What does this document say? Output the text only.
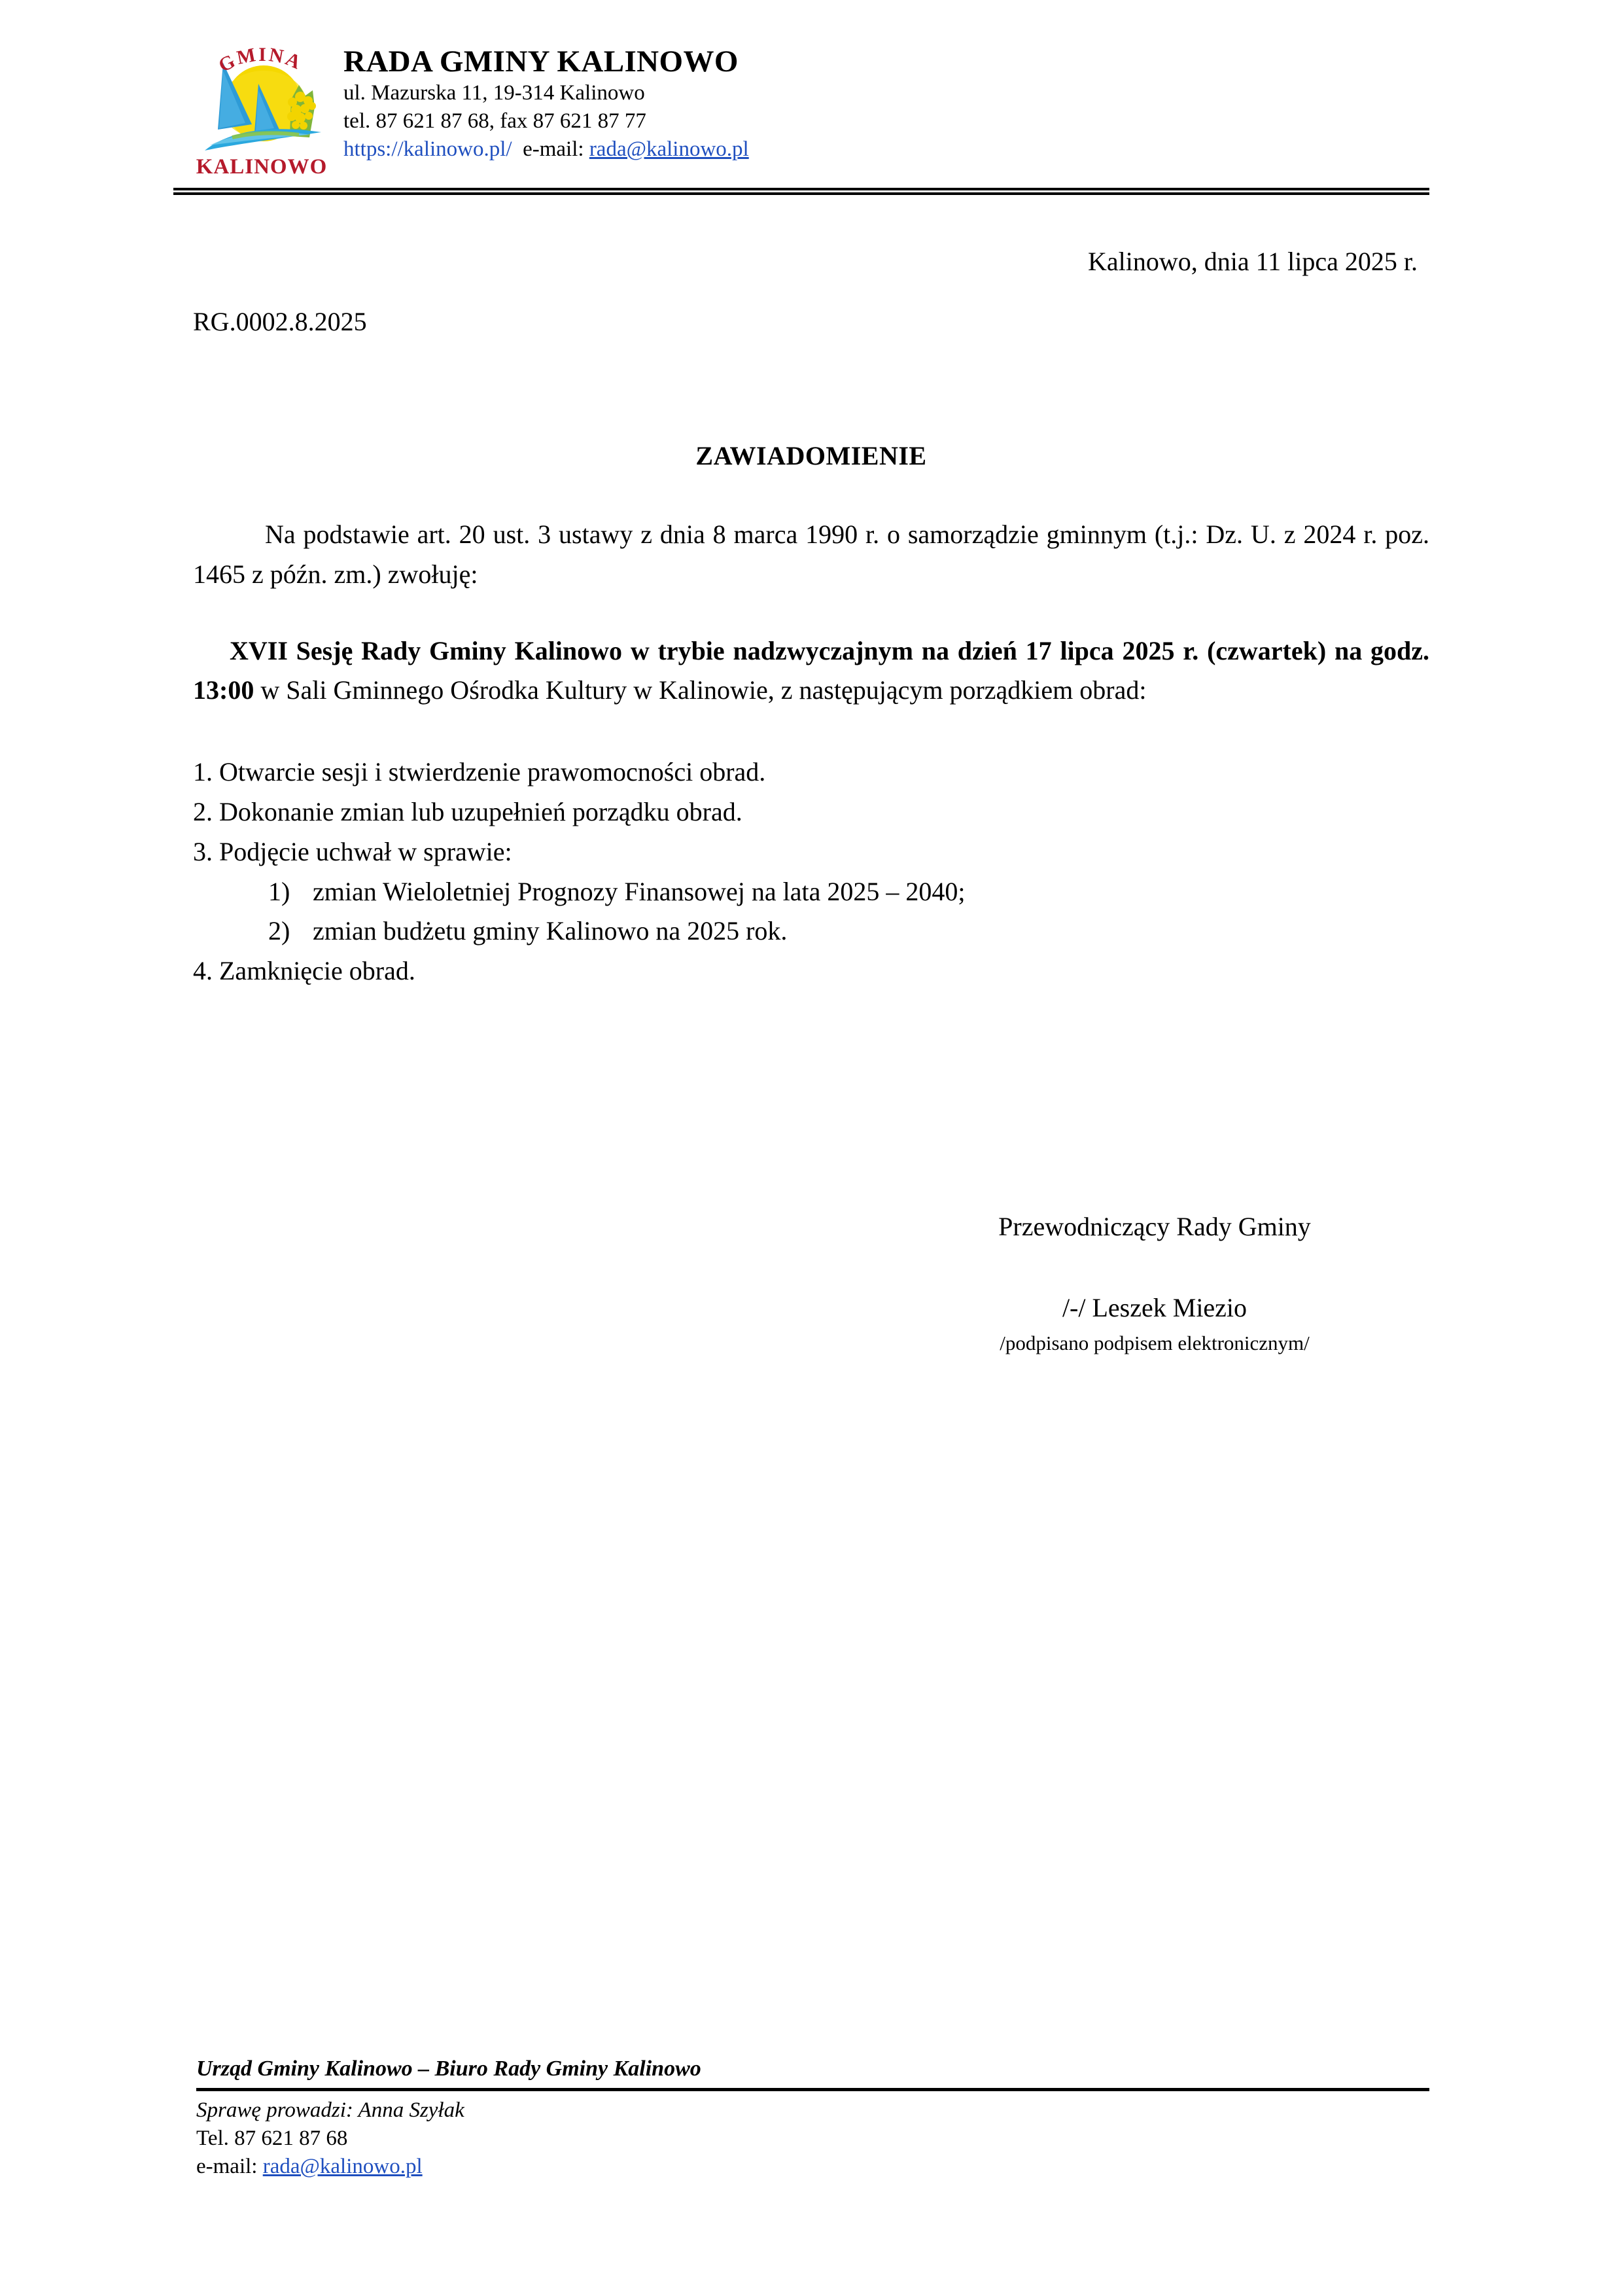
GMINA
KALINOWO
RADA GMINY KALINOWO
ul. Mazurska 11, 19-314 Kalinowo
tel. 87 621 87 68, fax 87 621 87 77
https://kalinowo.pl/ e-mail: rada@kalinowo.pl
Kalinowo, dnia 11 lipca 2025 r.
RG.0002.8.2025
ZAWIADOMIENIE
Na podstawie art. 20 ust. 3 ustawy z dnia 8 marca 1990 r. o samorządzie gminnym (t.j.: Dz. U. z 2024 r. poz. 1465 z późn. zm.) zwołuję:
XVII Sesję Rady Gminy Kalinowo w trybie nadzwyczajnym na dzień 17 lipca 2025 r. (czwartek) na godz. 13:00 w Sali Gminnego Ośrodka Kultury w Kalinowie, z następującym porządkiem obrad:
1. Otwarcie sesji i stwierdzenie prawomocności obrad.
2. Dokonanie zmian lub uzupełnień porządku obrad.
3. Podjęcie uchwał w sprawie:
1) zmian Wieloletniej Prognozy Finansowej na lata 2025 – 2040;
2) zmian budżetu gminy Kalinowo na 2025 rok.
4. Zamknięcie obrad.
Przewodniczący Rady Gminy
/-/ Leszek Miezio
/podpisano podpisem elektronicznym/
Urząd Gminy Kalinowo – Biuro Rady Gminy Kalinowo
Sprawę prowadzi: Anna Szyłak
Tel. 87 621 87 68
e-mail: rada@kalinowo.pl
